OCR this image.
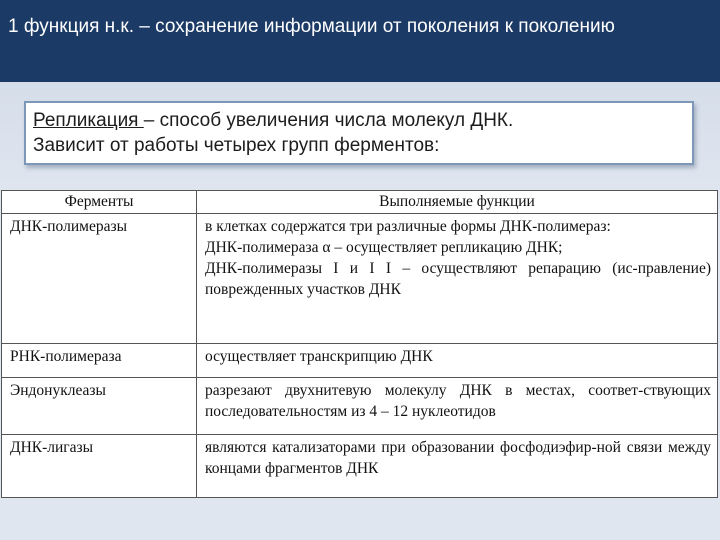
1 функция н.к. – сохранение информации от поколения к поколению
Репликация – способ увеличения числа молекул ДНК.
Зависит от работы четырех групп ферментов:
Ферменты	Выполняемые функции
ДНК-полимеразы	в клетках содержатся три различные формы ДНК-полимераз:
ДНК-полимераза α – осуществляет репликацию ДНК;
ДНК-полимеразы I и I I – осуществляют репарацию (ис-правление) поврежденных участков ДНК

РНК-полимераза	осуществляет транскрипцию ДНК

Эндонуклеазы	разрезают двухнитевую молекулу ДНК в местах, соответ-ствующих последовательностям из 4 – 12 нуклеотидов

ДНК-лигазы	являются катализаторами при образовании фосфодиэфир-ной связи между концами фрагментов ДНК
